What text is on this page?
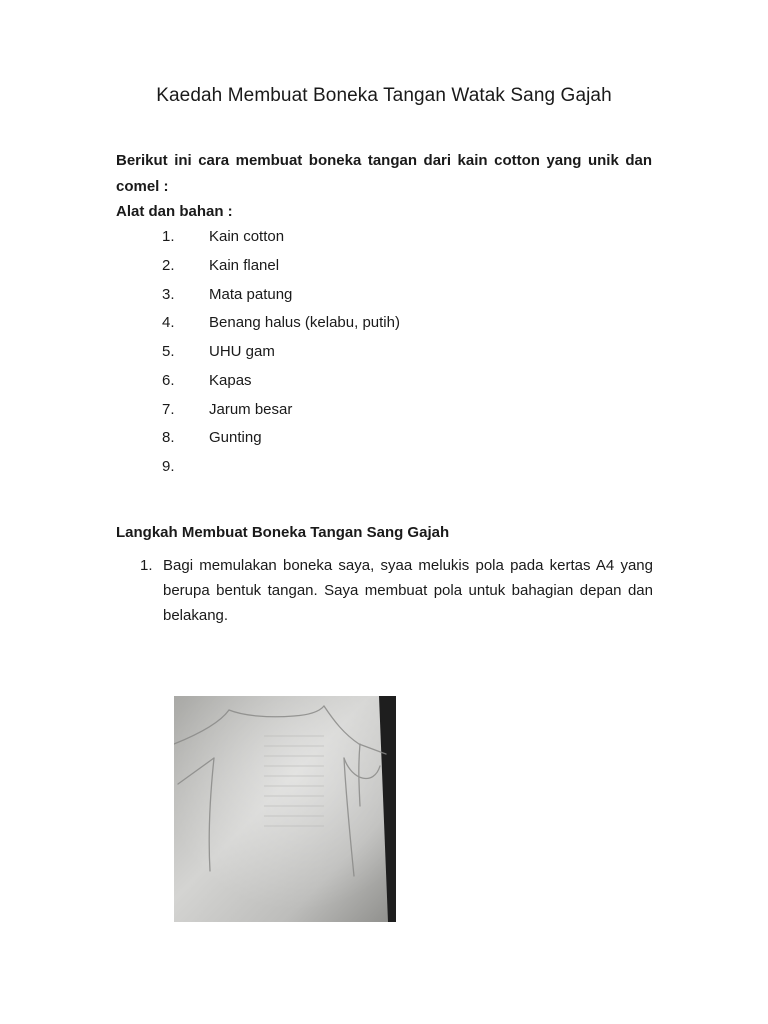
Kaedah Membuat Boneka Tangan Watak Sang Gajah
Berikut ini cara membuat boneka tangan dari kain cotton yang unik dan comel :
Alat dan bahan :
1. Kain cotton
2. Kain flanel
3. Mata patung
4. Benang halus (kelabu, putih)
5. UHU gam
6. Kapas
7. Jarum besar
8. Gunting
9.
Langkah Membuat Boneka Tangan Sang Gajah
1. Bagi memulakan boneka saya, syaa melukis pola pada kertas A4 yang berupa bentuk tangan. Saya membuat pola untuk bahagian depan dan belakang.
